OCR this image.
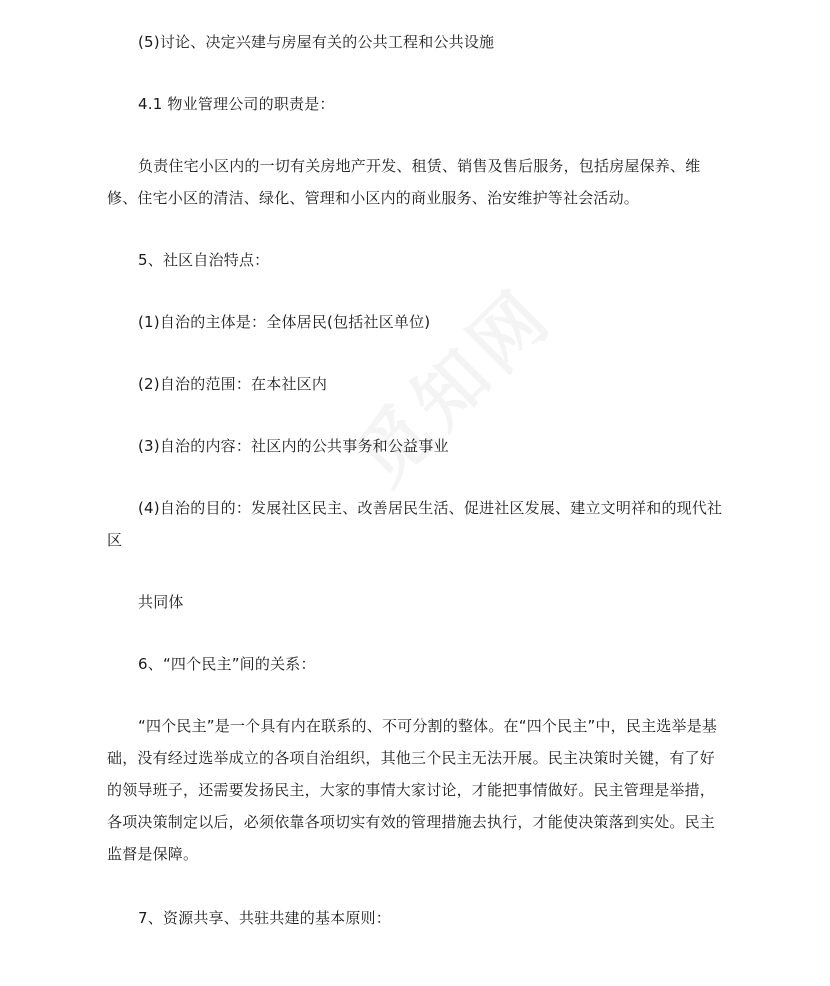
(5)讨论、决定兴建与房屋有关的公共工程和公共设施

4.1 物业管理公司的职责是：

负责住宅小区内的一切有关房地产开发、租赁、销售及售后服务，包括房屋保养、维修、住宅小区的清洁、绿化、管理和小区内的商业服务、治安维护等社会活动。

5、社区自治特点：

(1)自治的主体是：全体居民(包括社区单位)

(2)自治的范围：在本社区内

(3)自治的内容：社区内的公共事务和公益事业

(4)自治的目的：发展社区民主、改善居民生活、促进社区发展、建立文明祥和的现代社区

共同体

6、“四个民主”间的关系：

“四个民主”是一个具有内在联系的、不可分割的整体。在“四个民主”中，民主选举是基础，没有经过选举成立的各项自治组织，其他三个民主无法开展。民主决策时关键，有了好的领导班子，还需要发扬民主，大家的事情大家讨论，才能把事情做好。民主管理是举措，各项决策制定以后，必须依靠各项切实有效的管理措施去执行，才能使决策落到实处。民主监督是保障。

7、资源共享、共驻共建的基本原则：
